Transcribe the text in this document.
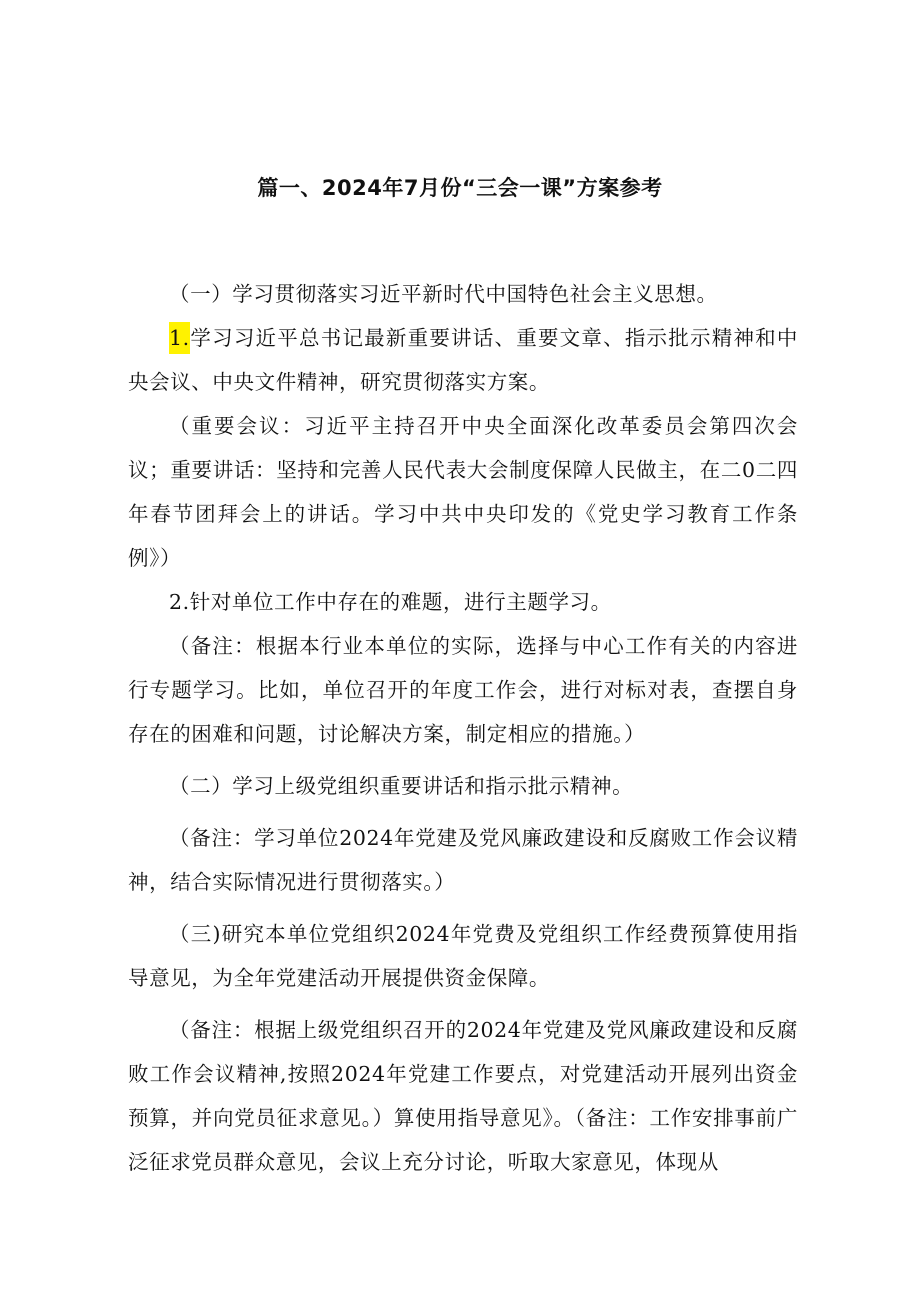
篇一、2024年7月份“三会一课”方案参考

（一）学习贯彻落实习近平新时代中国特色社会主义思想。

1.学习习近平总书记最新重要讲话、重要文章、指示批示精神和中央会议、中央文件精神，研究贯彻落实方案。

（重要会议：习近平主持召开中央全面深化改革委员会第四次会议；重要讲话：坚持和完善人民代表大会制度保障人民做主，在二0二四年春节团拜会上的讲话。学习中共中央印发的《党史学习教育工作条例》）

2.针对单位工作中存在的难题，进行主题学习。

（备注：根据本行业本单位的实际，选择与中心工作有关的内容进行专题学习。比如，单位召开的年度工作会，进行对标对表，查摆自身存在的困难和问题，讨论解决方案，制定相应的措施。）

（二）学习上级党组织重要讲话和指示批示精神。

（备注：学习单位2024年党建及党风廉政建设和反腐败工作会议精神，结合实际情况进行贯彻落实。）

（三)研究本单位党组织2024年党费及党组织工作经费预算使用指导意见，为全年党建活动开展提供资金保障。

（备注：根据上级党组织召开的2024年党建及党风廉政建设和反腐败工作会议精神,按照2024年党建工作要点，对党建活动开展列出资金预算，并向党员征求意见。）算使用指导意见》。（备注：工作安排事前广泛征求党员群众意见，会议上充分讨论，听取大家意见，体现从
